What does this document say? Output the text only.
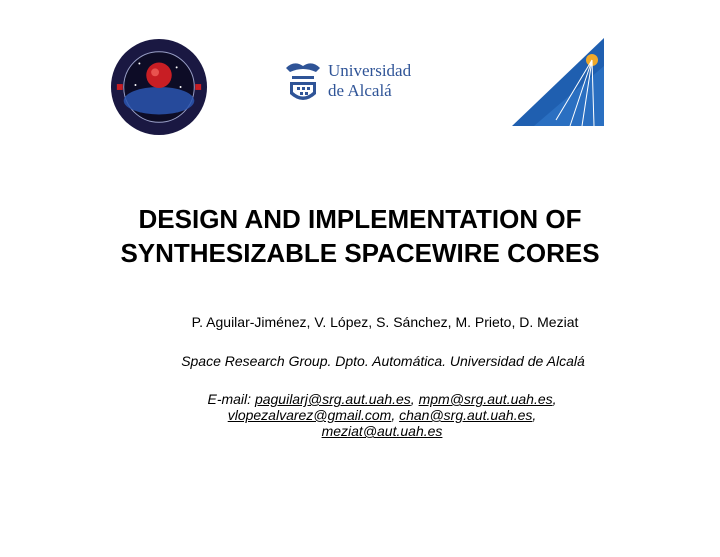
Universidad
de Alcalá
DESIGN AND IMPLEMENTATION OF
SYNTHESIZABLE SPACEWIRE CORES
P. Aguilar-Jiménez, V. López, S. Sánchez, M. Prieto, D. Meziat
Space Research Group. Dpto. Automática. Universidad de Alcalá
E-mail: paguilarj@srg.aut.uah.es, mpm@srg.aut.uah.es, vlopezalvarez@gmail.com, chan@srg.aut.uah.es, meziat@aut.uah.es
